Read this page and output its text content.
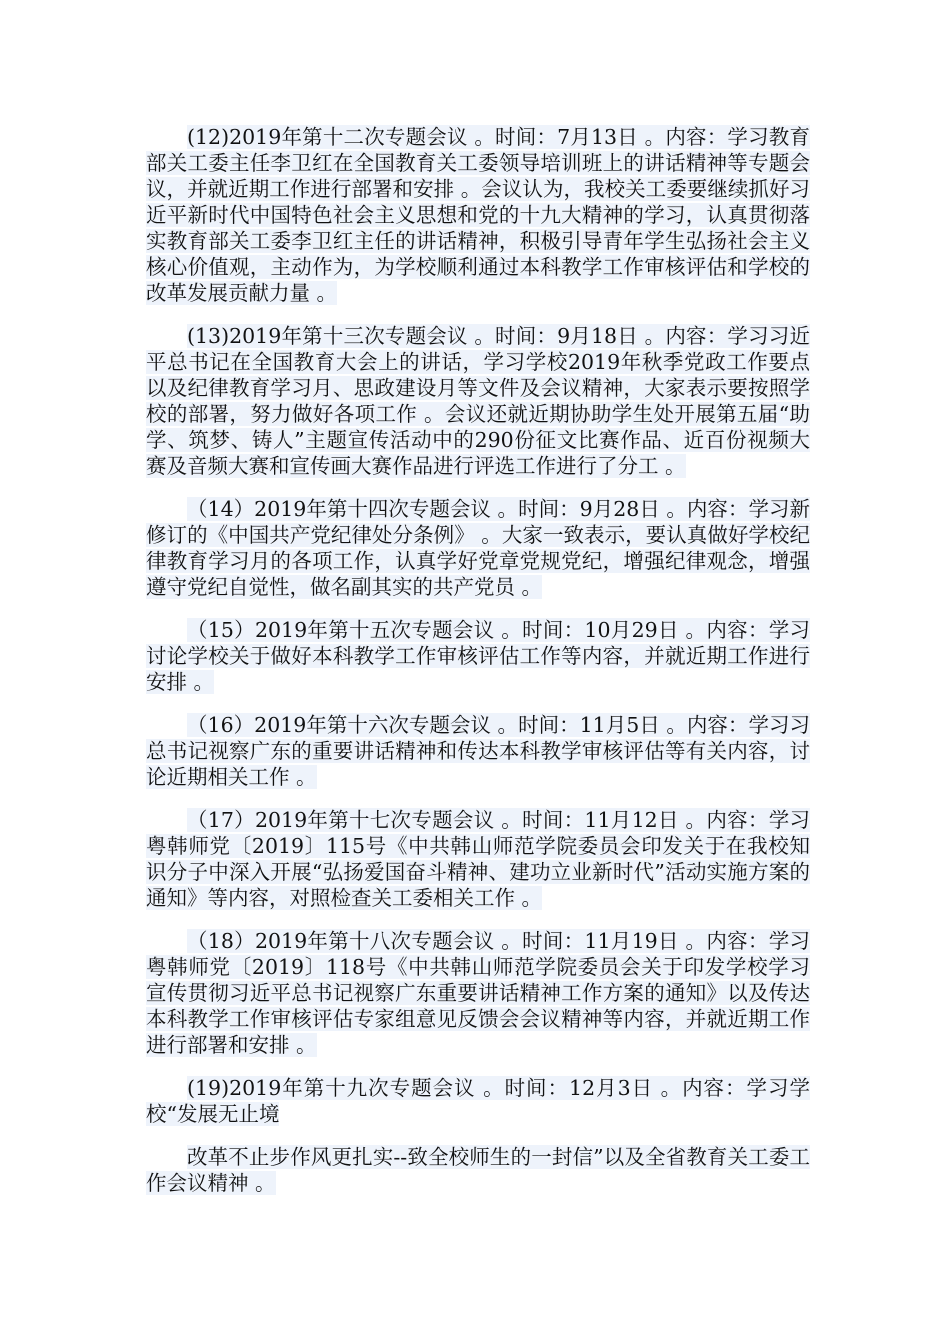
(12)2019年第十二次专题会议 。时间：7月13日 。内容：学习教育部关工委主任李卫红在全国教育关工委领导培训班上的讲话精神等专题会议，并就近期工作进行部署和安排 。会议认为，我校关工委要继续抓好习近平新时代中国特色社会主义思想和党的十九大精神的学习，认真贯彻落实教育部关工委李卫红主任的讲话精神，积极引导青年学生弘扬社会主义核心价值观，主动作为，为学校顺利通过本科教学工作审核评估和学校的改革发展贡献力量 。

(13)2019年第十三次专题会议 。时间：9月18日 。内容：学习习近平总书记在全国教育大会上的讲话，学习学校2019年秋季党政工作要点以及纪律教育学习月、思政建设月等文件及会议精神，大家表示要按照学校的部署，努力做好各项工作 。会议还就近期协助学生处开展第五届“助学、筑梦、铸人”主题宣传活动中的290份征文比赛作品、近百份视频大赛及音频大赛和宣传画大赛作品进行评选工作进行了分工 。

（14）2019年第十四次专题会议 。时间：9月28日 。内容：学习新修订的《中国共产党纪律处分条例》 。大家一致表示，要认真做好学校纪律教育学习月的各项工作，认真学好党章党规党纪，增强纪律观念，增强遵守党纪自觉性，做名副其实的共产党员 。

（15）2019年第十五次专题会议 。时间：10月29日 。内容：学习讨论学校关于做好本科教学工作审核评估工作等内容，并就近期工作进行安排 。

（16）2019年第十六次专题会议 。时间：11月5日 。内容：学习习总书记视察广东的重要讲话精神和传达本科教学审核评估等有关内容，讨论近期相关工作 。

（17）2019年第十七次专题会议 。时间：11月12日 。内容：学习粤韩师党〔2019〕115号《中共韩山师范学院委员会印发关于在我校知识分子中深入开展“弘扬爱国奋斗精神、建功立业新时代”活动实施方案的通知》等内容，对照检查关工委相关工作 。

（18）2019年第十八次专题会议 。时间：11月19日 。内容：学习粤韩师党〔2019〕118号《中共韩山师范学院委员会关于印发学校学习宣传贯彻习近平总书记视察广东重要讲话精神工作方案的通知》以及传达本科教学工作审核评估专家组意见反馈会会议精神等内容，并就近期工作进行部署和安排 。

(19)2019年第十九次专题会议 。时间：12月3日 。内容：学习学校“发展无止境

改革不止步作风更扎实--致全校师生的一封信”以及全省教育关工委工作会议精神 。
